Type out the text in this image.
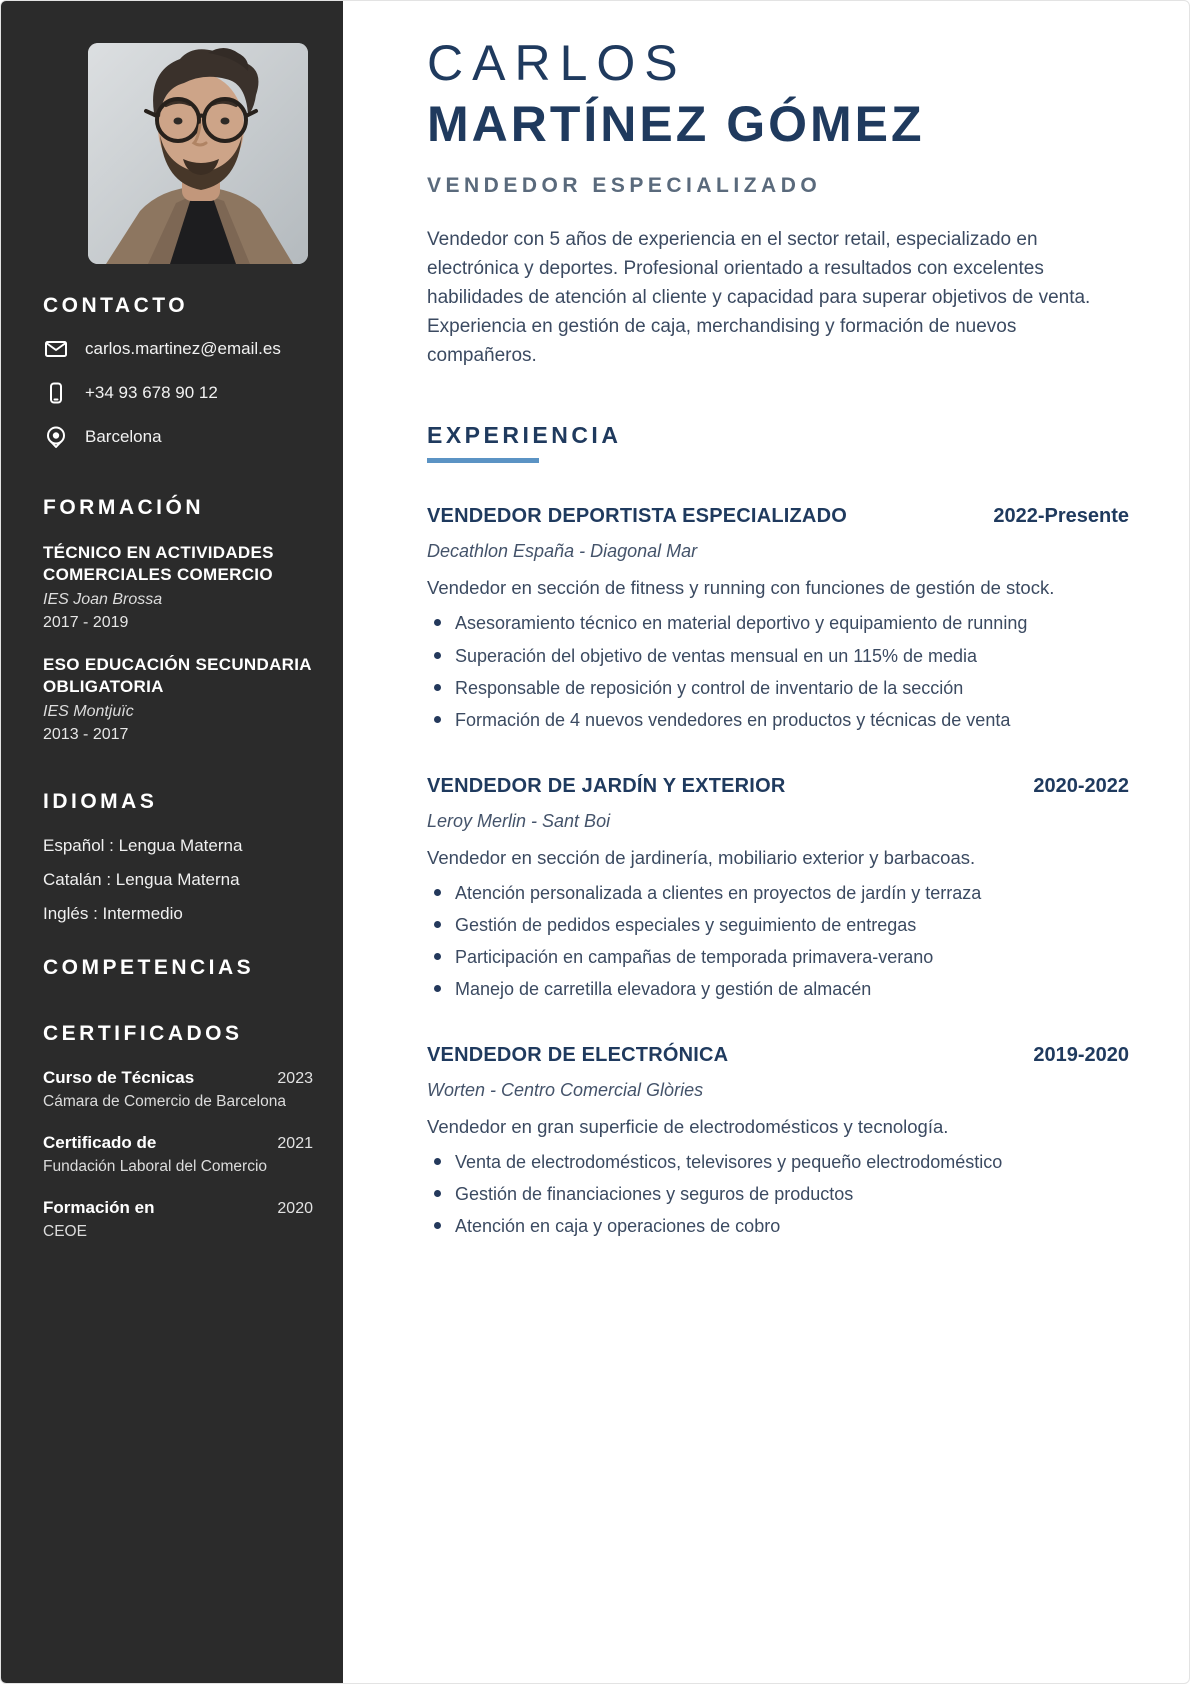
CONTACTO
carlos.martinez@email.es
+34 93 678 90 12
Barcelona
FORMACIÓN
TÉCNICO EN ACTIVIDADES COMERCIALES COMERCIO
IES Joan Brossa
2017 - 2019
ESO EDUCACIÓN SECUNDARIA OBLIGATORIA
IES Montjuïc
2013 - 2017
IDIOMAS
Español : Lengua Materna
Catalán : Lengua Materna
Inglés : Intermedio
COMPETENCIAS
CERTIFICADOS
Curso de Técnicas	2023
Cámara de Comercio de Barcelona
Certificado de	2021
Fundación Laboral del Comercio
Formación en	2020
CEOE
CARLOS
MARTÍNEZ GÓMEZ
VENDEDOR ESPECIALIZADO

Vendedor con 5 años de experiencia en el sector retail, especializado en electrónica y deportes. Profesional orientado a resultados con excelentes habilidades de atención al cliente y capacidad para superar objetivos de venta. Experiencia en gestión de caja, merchandising y formación de nuevos compañeros.

EXPERIENCIA
VENDEDOR DEPORTISTA ESPECIALIZADO	2022-Presente
Decathlon España - Diagonal Mar
Vendedor en sección de fitness y running con funciones de gestión de stock.
Asesoramiento técnico en material deportivo y equipamiento de running
Superación del objetivo de ventas mensual en un 115% de media
Responsable de reposición y control de inventario de la sección
Formación de 4 nuevos vendedores en productos y técnicas de venta
VENDEDOR DE JARDÍN Y EXTERIOR	2020-2022
Leroy Merlin - Sant Boi
Vendedor en sección de jardinería, mobiliario exterior y barbacoas.
Atención personalizada a clientes en proyectos de jardín y terraza
Gestión de pedidos especiales y seguimiento de entregas
Participación en campañas de temporada primavera-verano
Manejo de carretilla elevadora y gestión de almacén
VENDEDOR DE ELECTRÓNICA	2019-2020
Worten - Centro Comercial Glòries
Vendedor en gran superficie de electrodomésticos y tecnología.
Venta de electrodomésticos, televisores y pequeño electrodoméstico
Gestión de financiaciones y seguros de productos
Atención en caja y operaciones de cobro
